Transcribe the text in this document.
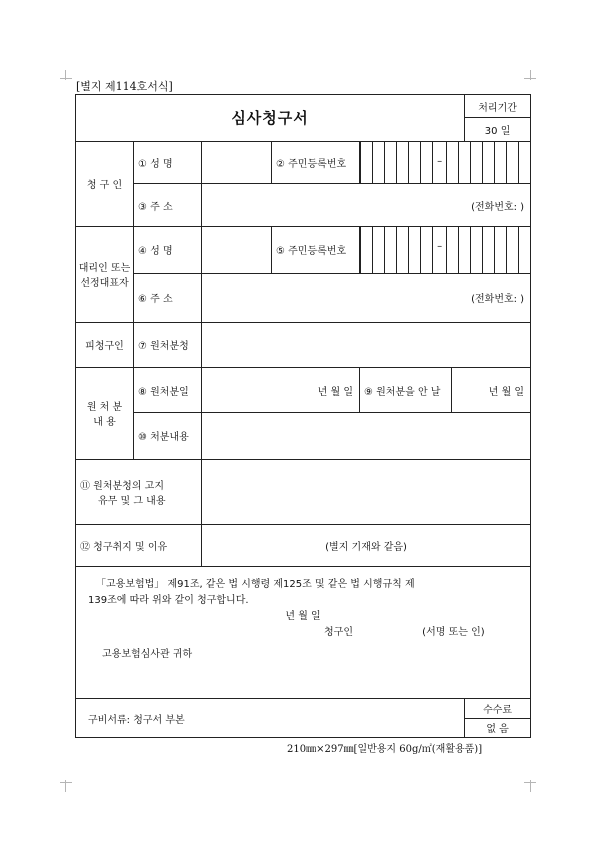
[별지 제114호서식]
심사청구서						처리기간
						30 일
청 구 인	① 성 명		② 주민등록번호	–		

	③ 주 소	(전화번호: )				

대리인 또는
선정대표자	④ 성 명		⑤ 주민등록번호	–		

	⑥ 주 소	(전화번호: )				
피청구인	⑦ 원처분청					

원 처 분
내 용	⑧ 원처분일	년 월 일		⑨ 원처분을 안 날	년 월 일	
	⑩ 처분내용					

⑪ 원처분청의 고지
유무 및 그 내용						

⑫ 청구취지 및 이유		(별지 기재와 같음)				

「고용보험법」 제91조, 같은 법 시행령 제125조 및 같은 법 시행규칙 제

139조에 따라 위와 같이 청구합니다.

년 월 일

청구인 (서명 또는 인)

고용보험심사관 귀하						

구비서류: 청구서 부본						수수료
						없 음
210㎜×297㎜[일반용지 60g/㎡(재활용품)]
